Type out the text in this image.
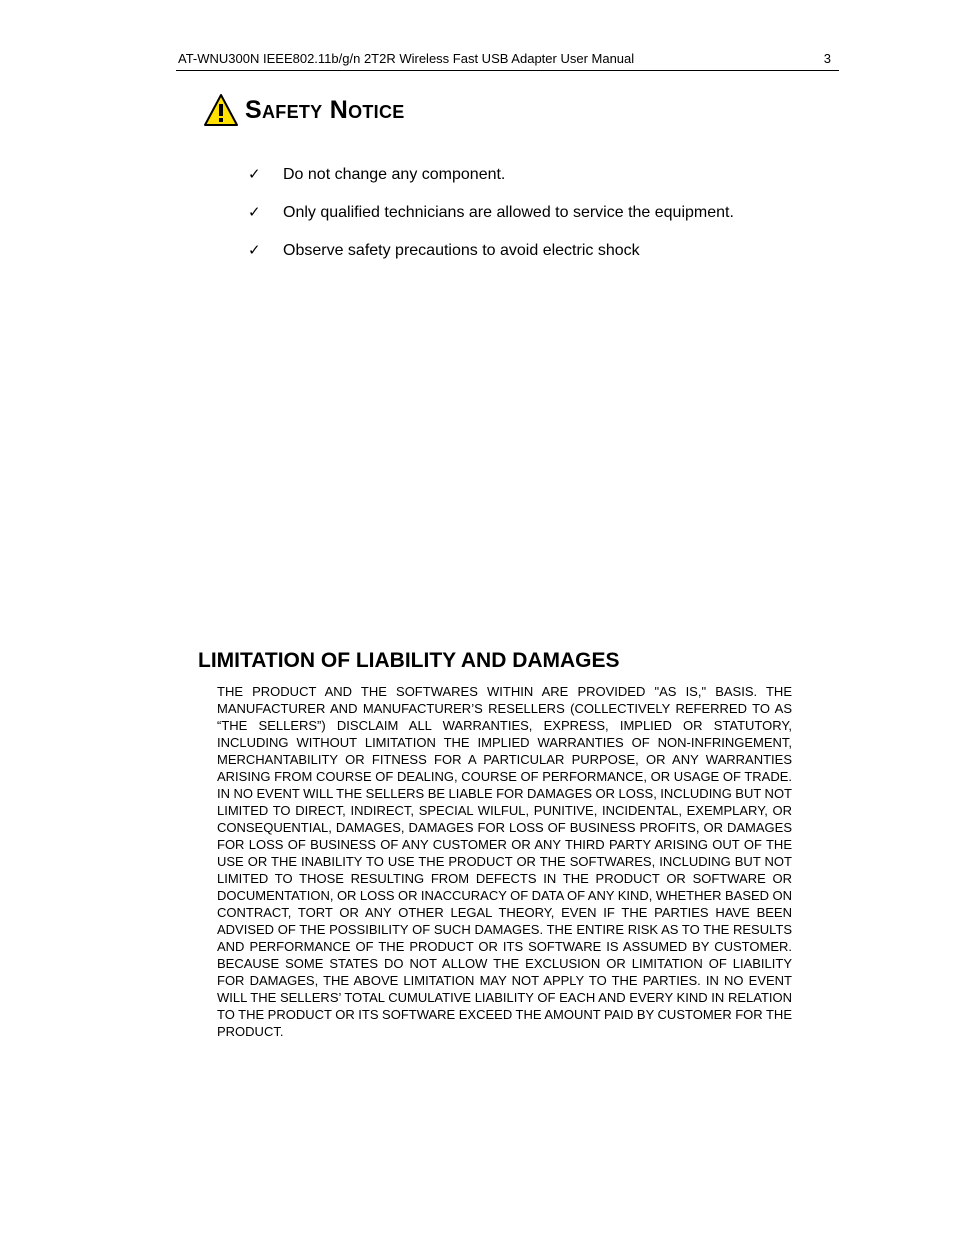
AT-WNU300N IEEE802.11b/g/n 2T2R Wireless Fast USB Adapter User Manual	3
Safety Notice
✓	Do not change any component.
✓	Only qualified technicians are allowed to service the equipment.
✓	Observe safety precautions to avoid electric shock
LIMITATION OF LIABILITY AND DAMAGES

THE PRODUCT AND THE SOFTWARES WITHIN ARE PROVIDED "AS IS," BASIS. THE MANUFACTURER AND MANUFACTURER’S RESELLERS (COLLECTIVELY REFERRED TO AS “THE SELLERS”) DISCLAIM ALL WARRANTIES, EXPRESS, IMPLIED OR STATUTORY, INCLUDING WITHOUT LIMITATION THE IMPLIED WARRANTIES OF NON-INFRINGEMENT, MERCHANTABILITY OR FITNESS FOR A PARTICULAR PURPOSE, OR ANY WARRANTIES ARISING FROM COURSE OF DEALING, COURSE OF PERFORMANCE, OR USAGE OF TRADE. IN NO EVENT WILL THE SELLERS BE LIABLE FOR DAMAGES OR LOSS, INCLUDING BUT NOT LIMITED TO DIRECT, INDIRECT, SPECIAL WILFUL, PUNITIVE, INCIDENTAL, EXEMPLARY, OR CONSEQUENTIAL, DAMAGES, DAMAGES FOR LOSS OF BUSINESS PROFITS, OR DAMAGES FOR LOSS OF BUSINESS OF ANY CUSTOMER OR ANY THIRD PARTY ARISING OUT OF THE USE OR THE INABILITY TO USE THE PRODUCT OR THE SOFTWARES, INCLUDING BUT NOT LIMITED TO THOSE RESULTING FROM DEFECTS IN THE PRODUCT OR SOFTWARE OR DOCUMENTATION, OR LOSS OR INACCURACY OF DATA OF ANY KIND, WHETHER BASED ON CONTRACT, TORT OR ANY OTHER LEGAL THEORY, EVEN IF THE PARTIES HAVE BEEN ADVISED OF THE POSSIBILITY OF SUCH DAMAGES. THE ENTIRE RISK AS TO THE RESULTS AND PERFORMANCE OF THE PRODUCT OR ITS SOFTWARE IS ASSUMED BY CUSTOMER. BECAUSE SOME STATES DO NOT ALLOW THE EXCLUSION OR LIMITATION OF LIABILITY FOR DAMAGES, THE ABOVE LIMITATION MAY NOT APPLY TO THE PARTIES. IN NO EVENT WILL THE SELLERS’ TOTAL CUMULATIVE LIABILITY OF EACH AND EVERY KIND IN RELATION TO THE PRODUCT OR ITS SOFTWARE EXCEED THE AMOUNT PAID BY CUSTOMER FOR THE PRODUCT.
